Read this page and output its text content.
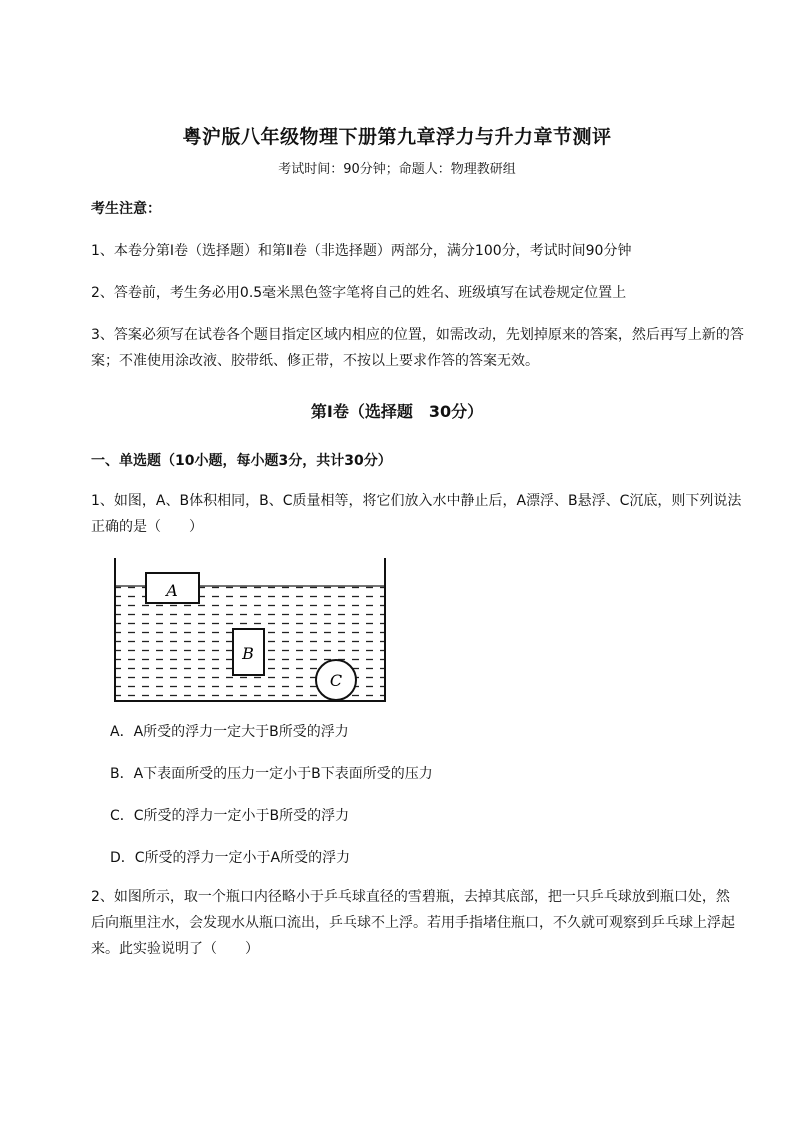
粤沪版八年级物理下册第九章浮力与升力章节测评
考试时间：90分钟；命题人：物理教研组
考生注意：
1、本卷分第I卷（选择题）和第Ⅱ卷（非选择题）两部分，满分100分，考试时间90分钟
2、答卷前，考生务必用0.5毫米黑色签字笔将自己的姓名、班级填写在试卷规定位置上
3、答案必须写在试卷各个题目指定区域内相应的位置，如需改动，先划掉原来的答案，然后再写上新的答案；不准使用涂改液、胶带纸、修正带，不按以上要求作答的答案无效。
第I卷（选择题　30分）
一、单选题（10小题，每小题3分，共计30分）
1、如图，A、B体积相同，B、C质量相等，将它们放入水中静止后，A漂浮、B悬浮、C沉底，则下列说法正确的是（　　）
A
B
C
A．A所受的浮力一定大于B所受的浮力
B．A下表面所受的压力一定小于B下表面所受的压力
C．C所受的浮力一定小于B所受的浮力
D．C所受的浮力一定小于A所受的浮力
2、如图所示，取一个瓶口内径略小于乒乓球直径的雪碧瓶，去掉其底部，把一只乒乓球放到瓶口处，然后向瓶里注水，会发现水从瓶口流出，乒乓球不上浮。若用手指堵住瓶口，不久就可观察到乒乓球上浮起来。此实验说明了（　　）
